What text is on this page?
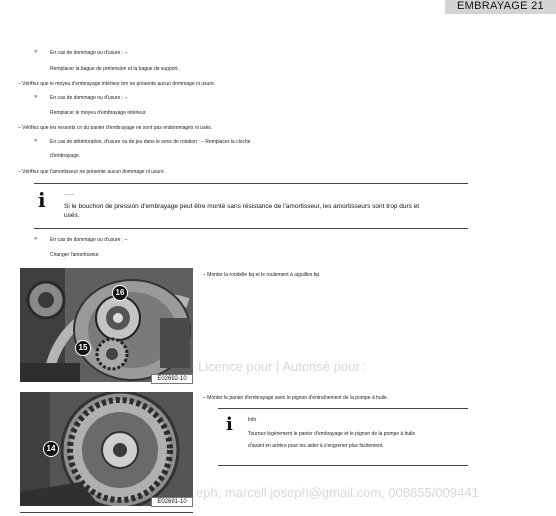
EMBRAYAGE 21
»	En cas de dommage ou d'usure : –
Remplacer la bague de prétension et la bague de support.
– Vérifiez que le moyeu d'embrayage intérieur bm ne présente aucun dommage ni usure.
»	En cas de dommage ou d'usure : –
Remplacer le moyeu d'embrayage intérieur.
– Vérifiez que les ressorts cn du panier d'embrayage ne sont pas endommagés ni usés.
»	En cas de détérioration, d'usure ou de jeu dans le sens de rotation : – Remplacer la cloche
d'embrayage.
– Vérifiez que l'amortisseur ne présente aucun dommage ni usure.
i	———
Si le bouchon de pression d'embrayage peut être monté sans résistance de l'amortisseur, les amortisseurs sont trop durs et
usés.
»	En cas de dommage ou d'usure : –
Changer l'amortisseur.
16
15
E02692-10
– Monter la rondelle bq et le roulement à aiguilles bp.
14
E02691-10
– Monter le panier d'embrayage avec le pignon d'entraînement de la pompe à huile.
i	Info
Tournez légèrement le panier d'embrayage et le pignon de la pompe à huile
d'avant en arrière pour les aider à s'engrener plus facilement.
Licence pour | Autorisé pour :
eph, marcell.joseph@gmail.com, 008855/009441
